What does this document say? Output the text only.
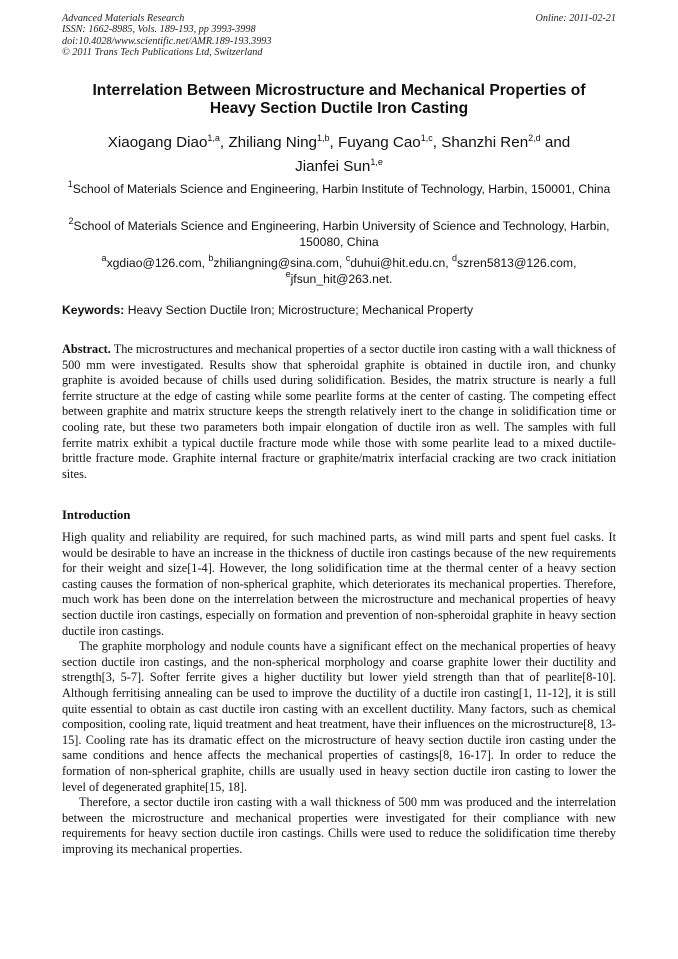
Advanced Materials Research
ISSN: 1662-8985, Vols. 189-193, pp 3993-3998
doi:10.4028/www.scientific.net/AMR.189-193.3993
© 2011 Trans Tech Publications Ltd, Switzerland
Online: 2011-02-21
Interrelation Between Microstructure and Mechanical Properties of
Heavy Section Ductile Iron Casting
Xiaogang Diao$^{1,a}$, Zhiliang Ning$^{1,b}$, Fuyang Cao$^{1,c}$, Shanzhi Ren$^{2,d}$ and
Jianfei Sun$^{1,e}$
$^1$School of Materials Science and Engineering, Harbin Institute of Technology, Harbin, 150001, China
$^2$School of Materials Science and Engineering, Harbin University of Science and Technology, Harbin, 150080, China
$^a$xgdiao@126.com, $^b$zhiliangning@sina.com, $^c$duhui@hit.edu.cn, $^d$szren5813@126.com,
$^e$jfsun_hit@263.net.
Keywords: Heavy Section Ductile Iron; Microstructure; Mechanical Property
Abstract. The microstructures and mechanical properties of a sector ductile iron casting with a wall thickness of 500 mm were investigated. Results show that spheroidal graphite is obtained in ductile iron, and chunky graphite is avoided because of chills used during solidification. Besides, the matrix structure is nearly a full ferrite structure at the edge of casting while some pearlite forms at the center of casting. The competing effect between graphite and matrix structure keeps the strength relatively inert to the change in solidification time or cooling rate, but these two parameters both impair elongation of ductile iron as well. The samples with full ferrite matrix exhibit a typical ductile fracture mode while those with some pearlite lead to a mixed ductile-brittle fracture mode. Graphite internal fracture or graphite/matrix interfacial cracking are two crack initiation sites.
Introduction

High quality and reliability are required, for such machined parts, as wind mill parts and spent fuel casks. It would be desirable to have an increase in the thickness of ductile iron castings because of the new requirements for their weight and size[1-4]. However, the long solidification time at the thermal center of a heavy section casting causes the formation of non-spherical graphite, which deteriorates its mechanical properties. Therefore, much work has been done on the interrelation between the microstructure and mechanical properties of heavy section ductile iron castings, especially on formation and prevention of non-spheroidal graphite in heavy section ductile iron castings.

The graphite morphology and nodule counts have a significant effect on the mechanical properties of heavy section ductile iron castings, and the non-spherical morphology and coarse graphite lower their ductility and strength[3, 5-7]. Softer ferrite gives a higher ductility but lower yield strength than that of pearlite[8-10]. Although ferritising annealing can be used to improve the ductility of a ductile iron casting[1, 11-12], it is still quite essential to obtain as cast ductile iron casting with an excellent ductility. Many factors, such as chemical composition, cooling rate, liquid treatment and heat treatment, have their influences on the microstructure[8, 13-15]. Cooling rate has its dramatic effect on the microstructure of heavy section ductile iron casting under the same conditions and hence affects the mechanical properties of castings[8, 16-17]. In order to reduce the formation of non-spherical graphite, chills are usually used in heavy section ductile iron casting to lower the level of degenerated graphite[15, 18].

Therefore, a sector ductile iron casting with a wall thickness of 500 mm was produced and the interrelation between the microstructure and mechanical properties were investigated for their compliance with new requirements for heavy section ductile iron castings. Chills were used to reduce the solidification time thereby improving its mechanical properties.
